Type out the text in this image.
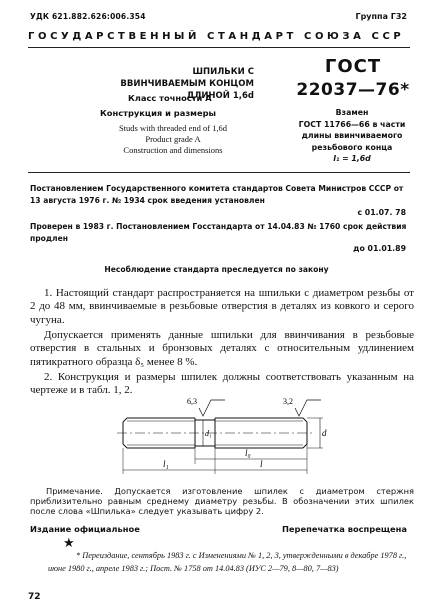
УДК 621.882.626:006.354	Группа Г32
ГОСУДАРСТВЕННЫЙ СТАНДАРТ СОЮЗА ССР
ШПИЛЬКИ С ВВИНЧИВАЕМЫМ КОНЦОМ
ДЛИНОЙ 1,6d
Класс точности А
Конструкция и размеры
Studs with threaded end of 1,6d
Product grade A
Construction and dimensions
ГОСТ
22037—76*
Взамен
ГОСТ 11766—66 в части
длины ввинчиваемого
резьбового конца
l₁ = 1,6d
Постановлением Государственного комитета стандартов Совета Министров СССР от 13 августа 1976 г. № 1934 срок введения установлен
с 01.07. 78
Проверен в 1983 г. Постановлением Госстандарта от 14.04.83 № 1760 срок действия продлен
до 01.01.89
Несоблюдение стандарта преследуется по закону
1. Настоящий стандарт распространяется на шпильки с диаметром резьбы от 2 до 48 мм, ввинчиваемые в резьбовые отверстия в деталях из ковкого и серого чугуна.
Допускается применять данные шпильки для ввинчивания в резьбовые отверстия в стальных и бронзовых деталях с относительным удлинением пятикратного образца δ₅ менее 8 %.
2. Конструкция и размеры шпилек должны соответствовать указанным на чертеже и в табл. 1, 2.
6,3	3,2
d₁	d
l₀
l₁	l
Примечание. Допускается изготовление шпилек с диаметром стержня приблизительно равным среднему диаметру резьбы. В обозначении этих шпилек после слова «Шпилька» следует указывать цифру 2.
Издание официальное	Перепечатка воспрещена
★
* Переиздание, сентябрь 1983 г. с Изменениями № 1, 2, 3, утвержденными в декабре 1978 г., июне 1980 г., апреле 1983 г.; Пост. № 1758 от 14.04.83 (ИУС 2—79, 8—80, 7—83)
72
